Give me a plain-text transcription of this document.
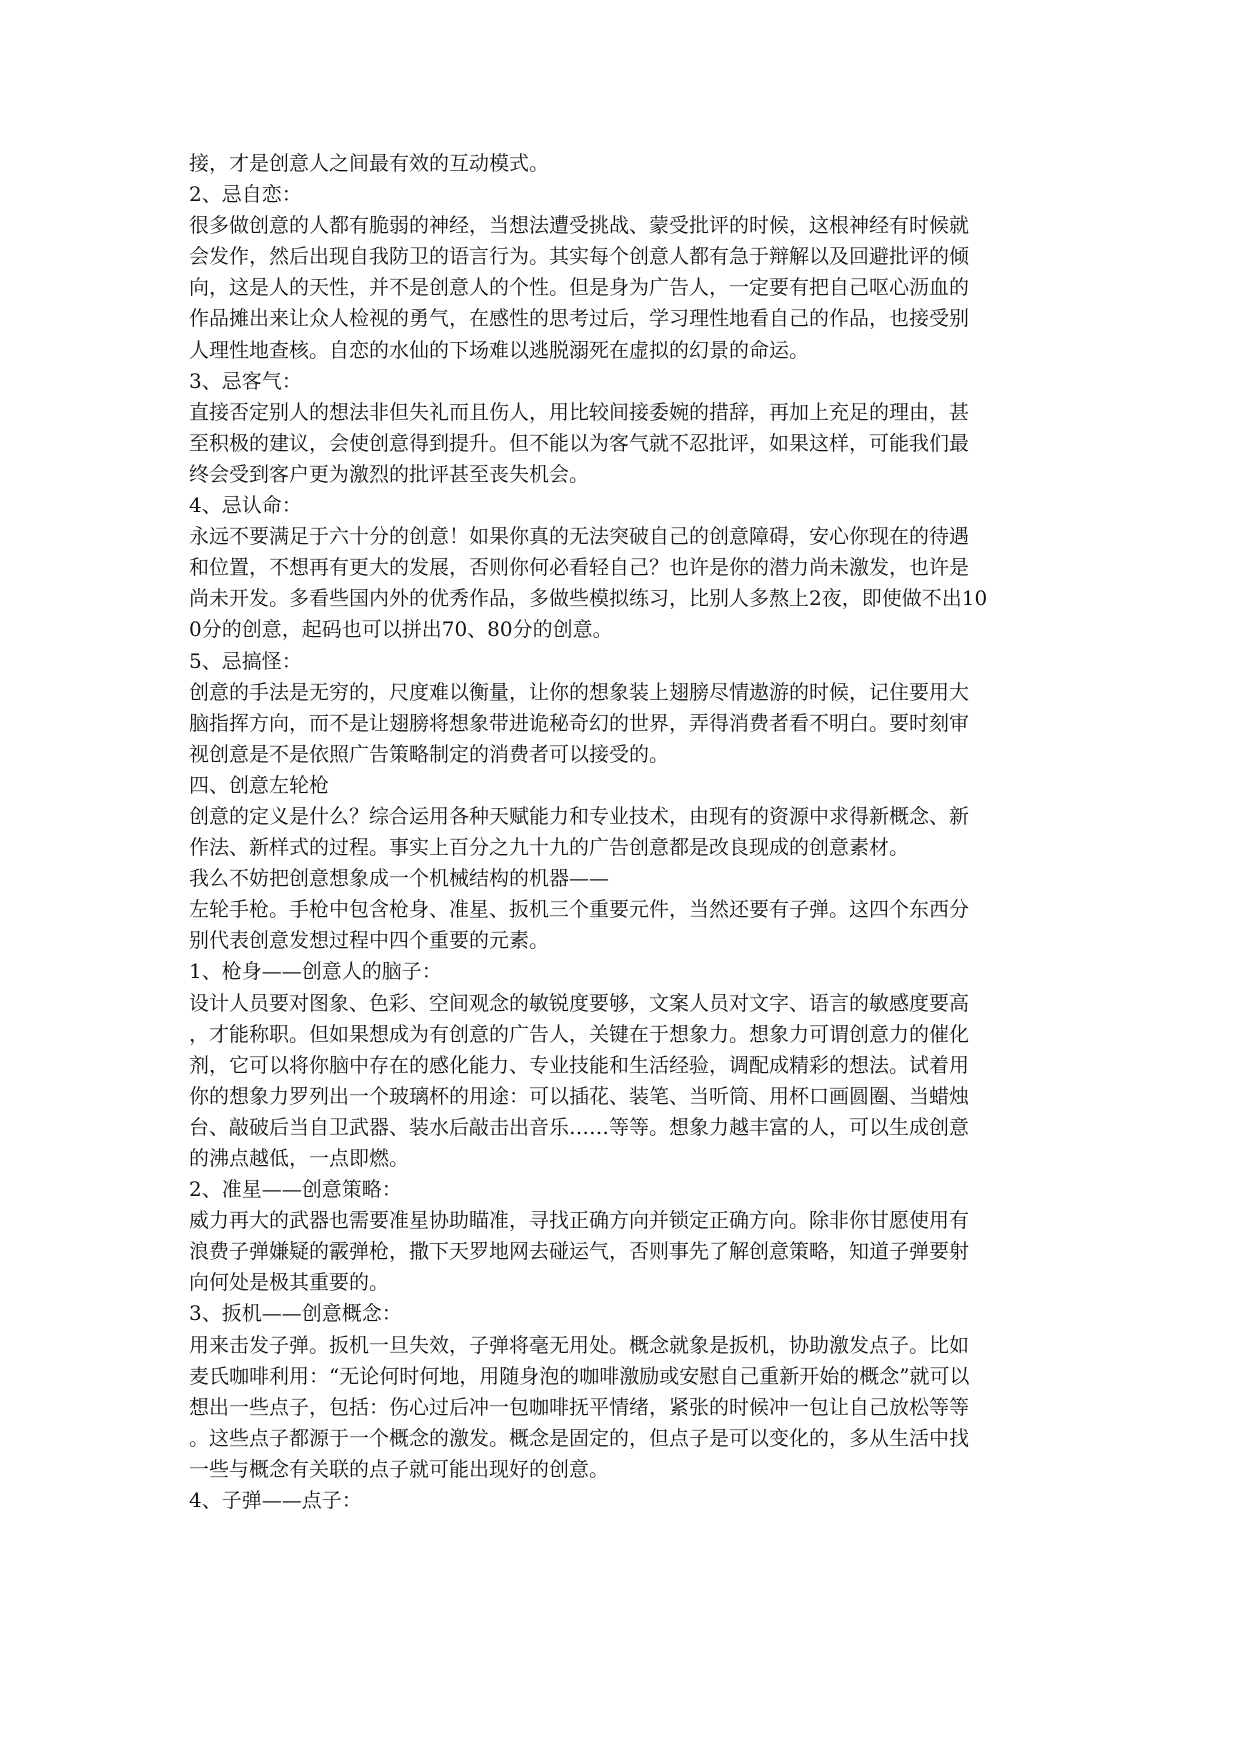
接，才是创意人之间最有效的互动模式。
2、忌自恋：
很多做创意的人都有脆弱的神经，当想法遭受挑战、蒙受批评的时候，这根神经有时候就
会发作，然后出现自我防卫的语言行为。其实每个创意人都有急于辩解以及回避批评的倾
向，这是人的天性，并不是创意人的个性。但是身为广告人，一定要有把自己呕心沥血的
作品摊出来让众人检视的勇气，在感性的思考过后，学习理性地看自己的作品，也接受别
人理性地查核。自恋的水仙的下场难以逃脱溺死在虚拟的幻景的命运。
3、忌客气：
直接否定别人的想法非但失礼而且伤人，用比较间接委婉的措辞，再加上充足的理由，甚
至积极的建议，会使创意得到提升。但不能以为客气就不忍批评，如果这样，可能我们最
终会受到客户更为激烈的批评甚至丧失机会。
4、忌认命：
永远不要满足于六十分的创意！如果你真的无法突破自己的创意障碍，安心你现在的待遇
和位置，不想再有更大的发展，否则你何必看轻自己？也许是你的潜力尚未激发，也许是
尚未开发。多看些国内外的优秀作品，多做些模拟练习，比别人多熬上2夜，即使做不出10
0分的创意，起码也可以拼出70、80分的创意。
5、忌搞怪：
创意的手法是无穷的，尺度难以衡量，让你的想象装上翅膀尽情遨游的时候，记住要用大
脑指挥方向，而不是让翅膀将想象带进诡秘奇幻的世界，弄得消费者看不明白。要时刻审
视创意是不是依照广告策略制定的消费者可以接受的。
四、创意左轮枪
创意的定义是什么？综合运用各种天赋能力和专业技术，由现有的资源中求得新概念、新
作法、新样式的过程。事实上百分之九十九的广告创意都是改良现成的创意素材。
我么不妨把创意想象成一个机械结构的机器——
左轮手枪。手枪中包含枪身、准星、扳机三个重要元件，当然还要有子弹。这四个东西分
别代表创意发想过程中四个重要的元素。
1、枪身——创意人的脑子：
设计人员要对图象、色彩、空间观念的敏锐度要够，文案人员对文字、语言的敏感度要高
，才能称职。但如果想成为有创意的广告人，关键在于想象力。想象力可谓创意力的催化
剂，它可以将你脑中存在的感化能力、专业技能和生活经验，调配成精彩的想法。试着用
你的想象力罗列出一个玻璃杯的用途：可以插花、装笔、当听筒、用杯口画圆圈、当蜡烛
台、敲破后当自卫武器、装水后敲击出音乐……等等。想象力越丰富的人，可以生成创意
的沸点越低，一点即燃。
2、准星——创意策略：
威力再大的武器也需要准星协助瞄准，寻找正确方向并锁定正确方向。除非你甘愿使用有
浪费子弹嫌疑的霰弹枪，撒下天罗地网去碰运气，否则事先了解创意策略，知道子弹要射
向何处是极其重要的。
3、扳机——创意概念：
用来击发子弹。扳机一旦失效，子弹将毫无用处。概念就象是扳机，协助激发点子。比如
麦氏咖啡利用：“无论何时何地，用随身泡的咖啡激励或安慰自己重新开始的概念”就可以
想出一些点子，包括：伤心过后冲一包咖啡抚平情绪，紧张的时候冲一包让自己放松等等
。这些点子都源于一个概念的激发。概念是固定的，但点子是可以变化的，多从生活中找
一些与概念有关联的点子就可能出现好的创意。
4、子弹——点子：
